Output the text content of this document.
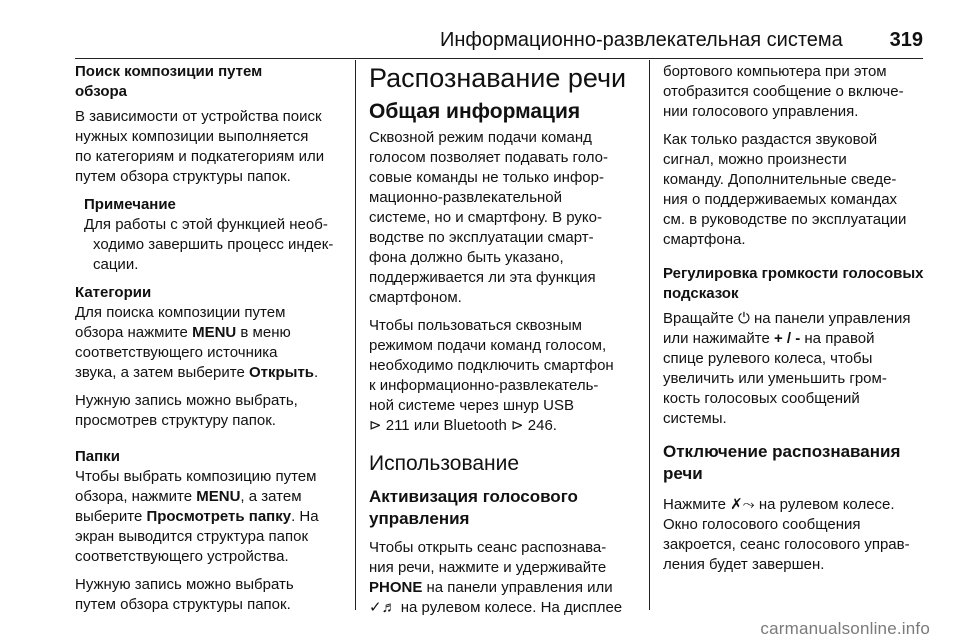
Информационно-развлекательная система 319
Поиск композиции путем
обзора
В зависимости от устройства поиск
нужных композиции выполняется
по категориям и подкатегориям или
путем обзора структуры папок.
Примечание
Для работы с этой функцией необ-
ходимо завершить процесс индек-
сации.
Категории
Для поиска композиции путем
обзора нажмите MENU в меню
соответствующего источника
звука, а затем выберите Открыть.
Нужную запись можно выбрать,
просмотрев структуру папок.
Папки
Чтобы выбрать композицию путем
обзора, нажмите MENU, а затем
выберите Просмотреть папку. На
экран выводится структура папок
соответствующего устройства.
Нужную запись можно выбрать
путем обзора структуры папок.
Распознавание речи
Общая информация
Сквозной режим подачи команд
голосом позволяет подавать голо-
совые команды не только инфор-
мационно-развлекательной
системе, но и смартфону. В руко-
водстве по эксплуатации смарт-
фона должно быть указано,
поддерживается ли эта функция
смартфоном.
Чтобы пользоваться сквозным
режимом подачи команд голосом,
необходимо подключить смартфон
к информационно-развлекатель-
ной системе через шнур USB
⊳ 211 или Bluetooth ⊳ 246.
Использование
Активизация голосового
управления
Чтобы открыть сеанс распознава-
ния речи, нажмите и удерживайте
PHONE на панели управления или
✓♬ на рулевом колесе. На дисплее
бортового компьютера при этом
отобразится сообщение о включе-
нии голосового управления.
Как только раздастся звуковой
сигнал, можно произнести
команду. Дополнительные сведе-
ния о поддерживаемых командах
см. в руководстве по эксплуатации
смартфона.
Регулировка громкости голосовых
подсказок
Вращайте ⏻ на панели управления
или нажимайте + / - на правой
спице рулевого колеса, чтобы
увеличить или уменьшить гром-
кость голосовых сообщений
системы.
Отключение распознавания
речи
Нажмите ✗⤳ на рулевом колесе.
Окно голосового сообщения
закроется, сеанс голосового управ-
ления будет завершен.
carmanualsonline.info
